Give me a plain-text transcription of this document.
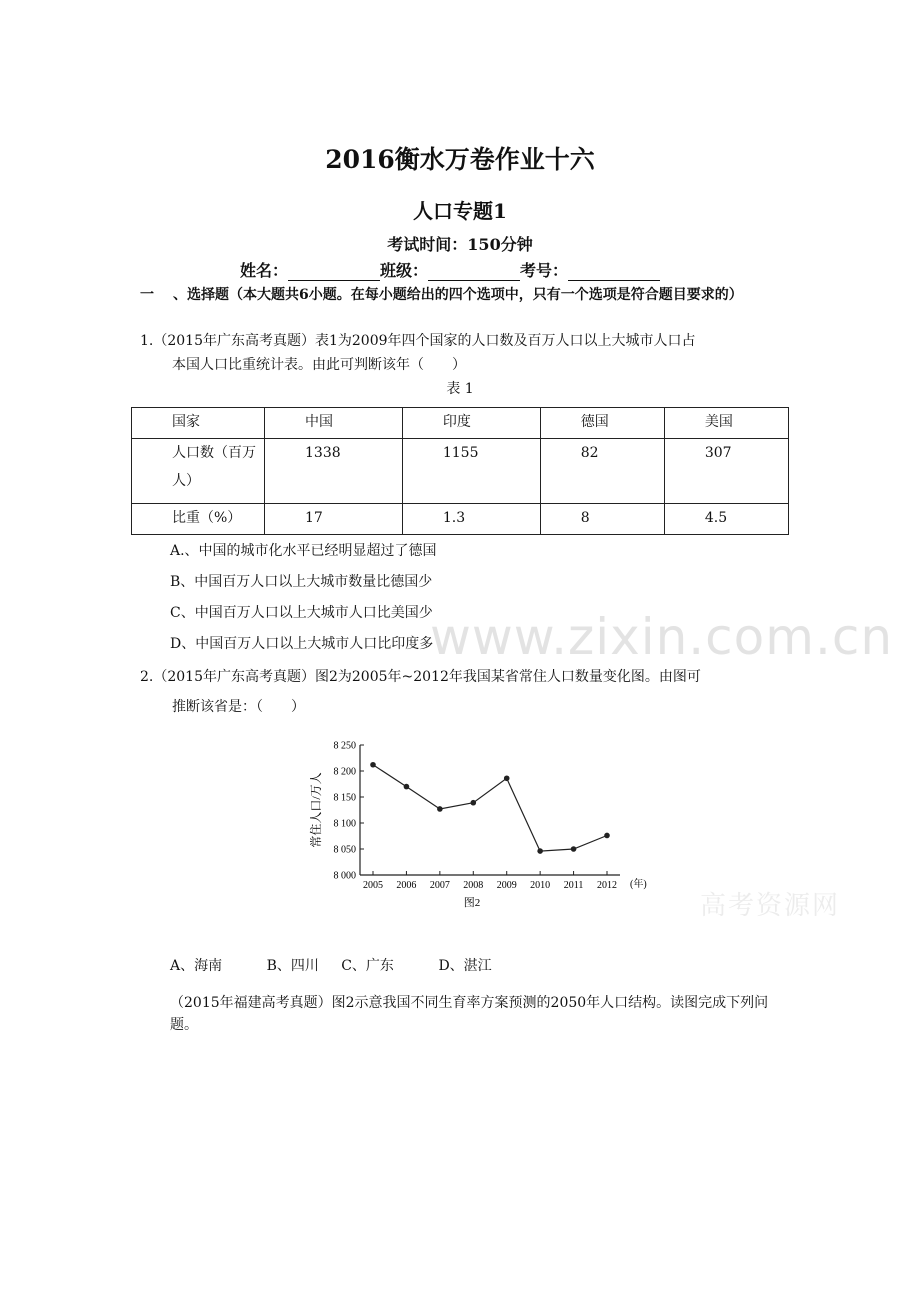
2016衡水万卷作业十六
人口专题1
考试时间：150分钟
姓名：	班级：	考号：
一	、选择题（本大题共6小题。在每小题给出的四个选项中，只有一个选项是符合题目要求的）
1.（2015年广东高考真题）表1为2009年四个国家的人口数及百万人口以上大城市人口占
本国人口比重统计表。由此可判断该年（　　）
表 1
国家	中国	印度	德国	美国
人口数（百万人）	1338	1155	82	307
比重（%）	17	1.3	8	4.5
A.、中国的城市化水平已经明显超过了德国
B、中国百万人口以上大城市数量比德国少
C、中国百万人口以上大城市人口比美国少
D、中国百万人口以上大城市人口比印度多
www.zixin.com.cn
2.（2015年广东高考真题）图2为2005年~2012年我国某省常住人口数量变化图。由图可
推断该省是：（　　）
8 000
8 050
8 100
8 150
8 200
8 250
2005 2006 2007 2008 2009 2010 2011 2012
常住人口/万人
(年)
图2	高考资源网
A、海南	B、四川 C、广东	D、湛江
（2015年福建高考真题）图2示意我国不同生育率方案预测的2050年人口结构。读图完成下列问题。
